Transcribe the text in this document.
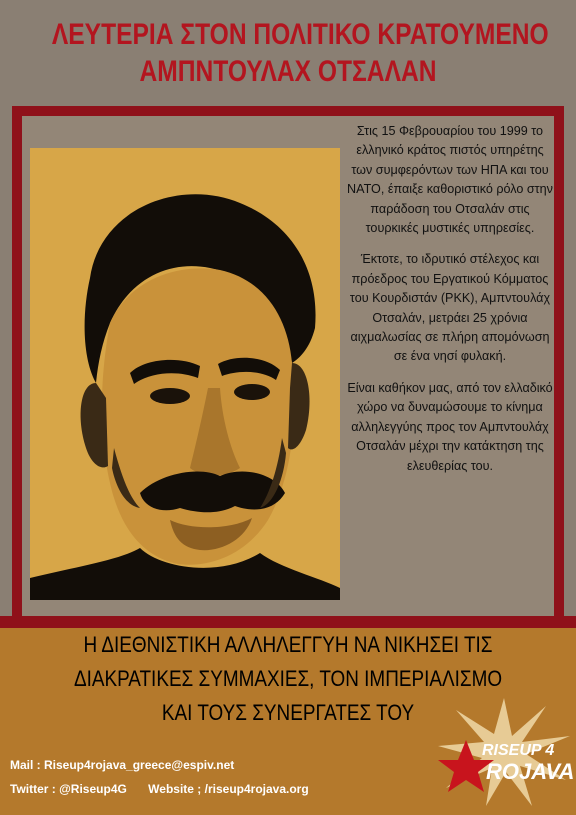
ΛΕΥΤΕΡΙΑ ΣΤΟΝ ΠΟΛΙΤΙΚΟ ΚΡΑΤΟΥΜΕΝΟ
ΑΜΠΝΤΟΥΛΑΧ ΟΤΣΑΛΑΝ

Στις 15 Φεβρουαρίου του 1999 το ελληνικό κράτος πιστός υπηρέτης των συμφερόντων των ΗΠΑ και του ΝΑΤΟ, έπαιξε καθοριστικό ρόλο στην παράδοση του Οτσαλάν στις τουρκικές μυστικές υπηρεσίες.

Έκτοτε, το ιδρυτικό στέλεχος και πρόεδρος του Εργατικού Κόμματος του Κουρδιστάν (PKK), Αμπντουλάχ Οτσαλάν, μετράει 25 χρόνια αιχμαλωσίας σε πλήρη απομόνωση σε ένα νησί φυλακή.

Είναι καθήκον μας, από τον ελλαδικό χώρο να δυναμώσουμε το κίνημα αλληλεγγύης προς τον Αμπντουλάχ Οτσαλάν μέχρι την κατάκτηση της ελευθερίας του.

Η ΔΙΕΘΝΙΣΤΙΚΗ ΑΛΛΗΛΕΓΓΥΗ ΝΑ ΝΙΚΗΣΕΙ ΤΙΣ
ΔΙΑΚΡΑΤΙΚΕΣ ΣΥΜΜΑΧΙΕΣ, ΤΟΝ ΙΜΠΕΡΙΑΛΙΣΜΟ
ΚΑΙ ΤΟΥΣ ΣΥΝΕΡΓΑΤΕΣ ΤΟΥ
Mail : Riseup4rojava_greece@espiv.net
Twitter : @Riseup4G Website ; /riseup4rojava.org
RISEUP 4
ROJAVA
